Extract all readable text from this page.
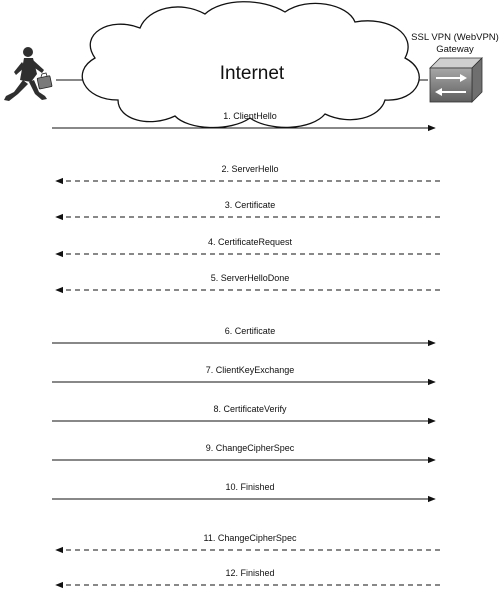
Internet
SSL VPN (WebVPN)
Gateway
1. ClientHello
2. ServerHello
3. Certificate
4. CertificateRequest
5. ServerHelloDone
6. Certificate
7. ClientKeyExchange
8. CertificateVerify
9. ChangeCipherSpec
10. Finished
11. ChangeCipherSpec
12. Finished
